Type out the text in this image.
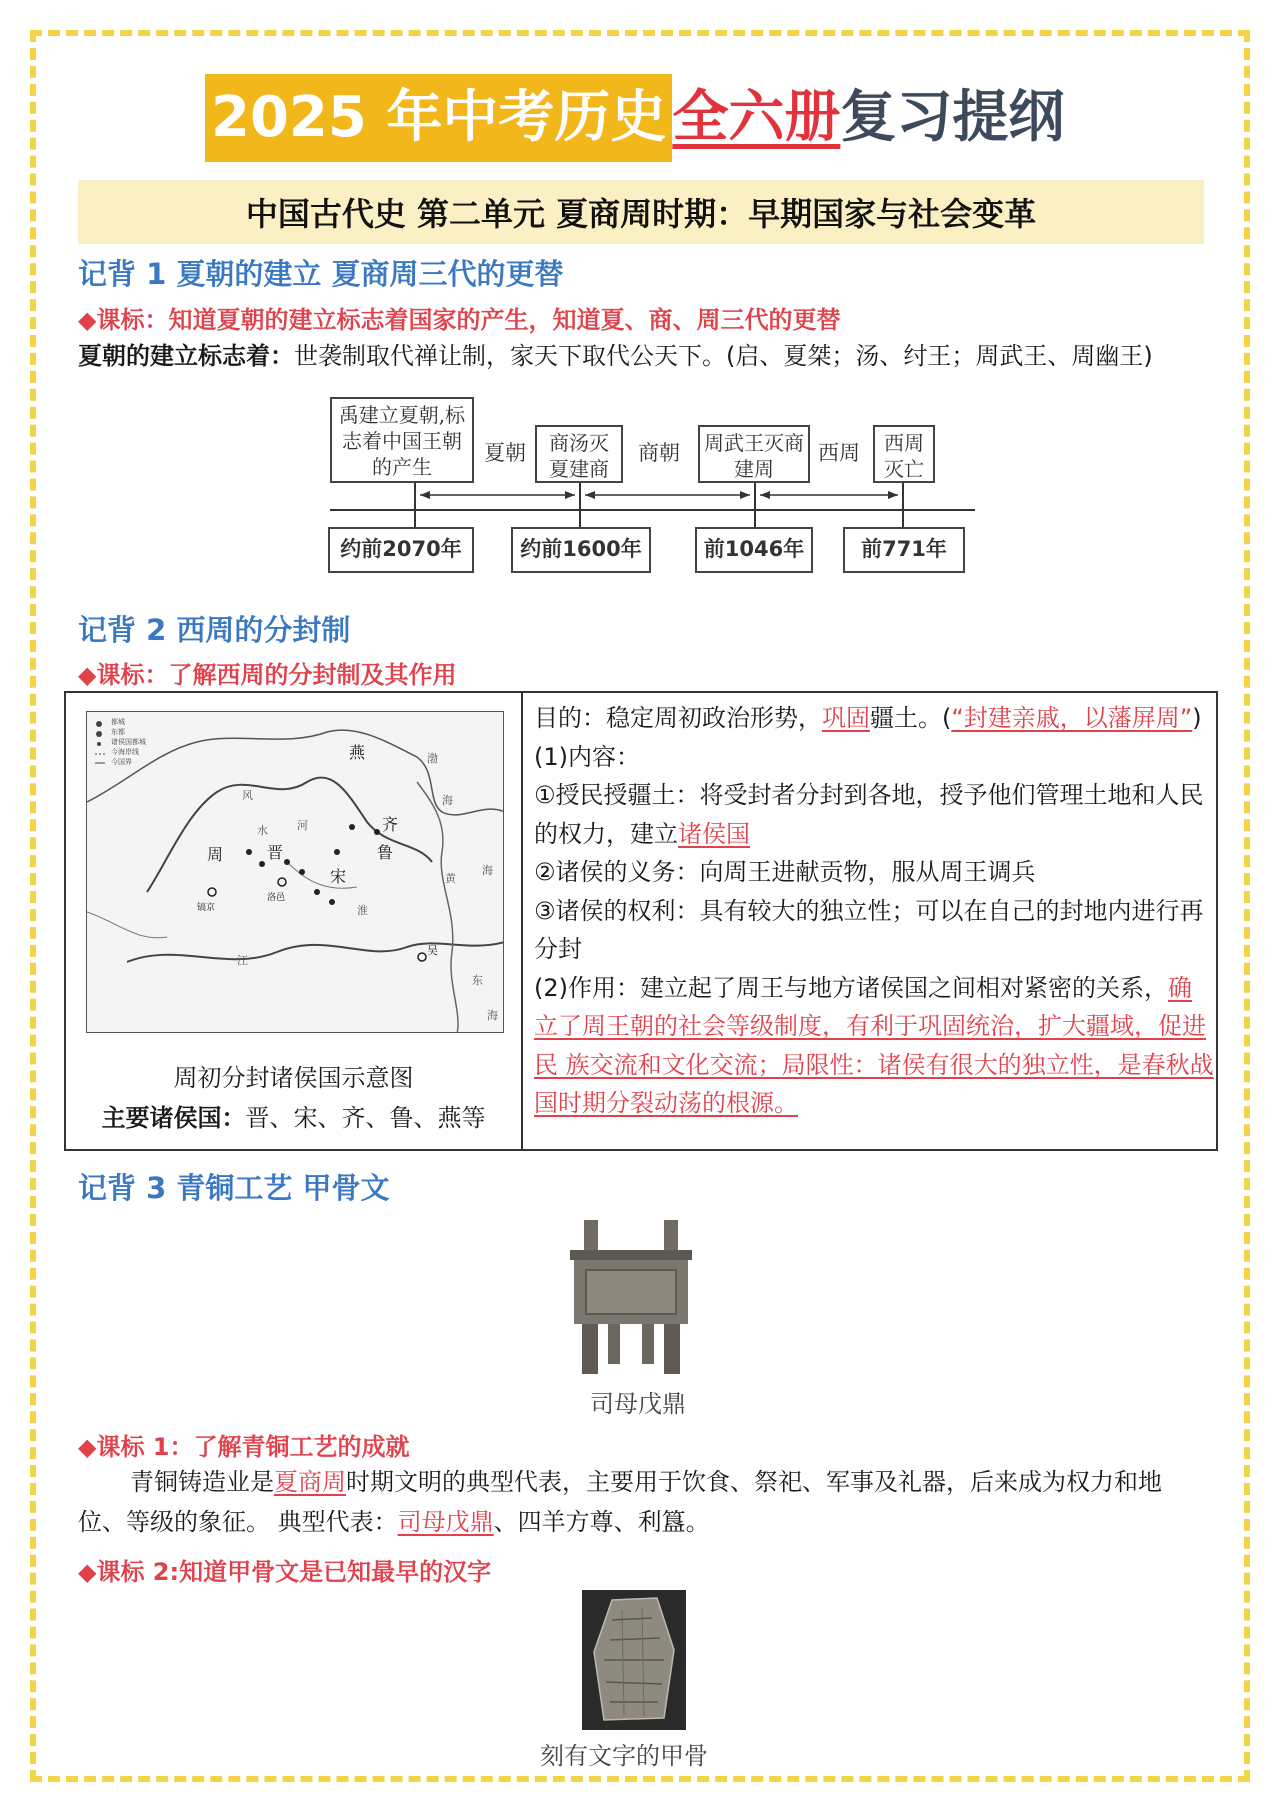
2025 年中考历史 全六册 复习提纲
中国古代史 第二单元 夏商周时期：早期国家与社会变革
记背 1 夏朝的建立 夏商周三代的更替
◆课标：知道夏朝的建立标志着国家的产生，知道夏、商、周三代的更替
夏朝的建立标志着：世袭制取代禅让制，家天下取代公天下。(启、夏桀；汤、纣王；周武王、周幽王)
禹建立夏朝,标志着中国王朝的产生
商汤灭夏建商
周武王灭商建周
西周灭亡
夏朝	商朝	西周
约前2070年	约前1600年	前1046年	前771年
记背 2 西周的分封制
◆课标：了解西周的分封制及其作用
都城
东都
诸侯国都城
今海岸线
今国界	燕
周	晋
宋
齐
鲁
镐京
洛邑
风
水	河
淮
江
渤
海
黄
海
吴
东
海
周初分封诸侯国示意图
主要诸侯国：晋、宋、齐、鲁、燕等
目的：稳定周初政治形势，巩固疆土。(“封建亲戚，以藩屏周”)
(1)内容：
①授民授疆土：将受封者分封到各地，授予他们管理土地和人民的权力，建立诸侯国
②诸侯的义务：向周王进献贡物，服从周王调兵
③诸侯的权利：具有较大的独立性；可以在自己的封地内进行再分封
(2)作用：建立起了周王与地方诸侯国之间相对紧密的关系，确立了周王朝的社会等级制度，有利于巩固统治，扩大疆域，促进民 族交流和文化交流；局限性：诸侯有很大的独立性，是春秋战国时期分裂动荡的根源。
记背 3 青铜工艺 甲骨文
司母戊鼎
◆课标 1：了解青铜工艺的成就
青铜铸造业是夏商周时期文明的典型代表，主要用于饮食、祭祀、军事及礼器，后来成为权力和地位、等级的象征。 典型代表：司母戊鼎、四羊方尊、利簋。
◆课标 2:知道甲骨文是已知最早的汉字
刻有文字的甲骨
